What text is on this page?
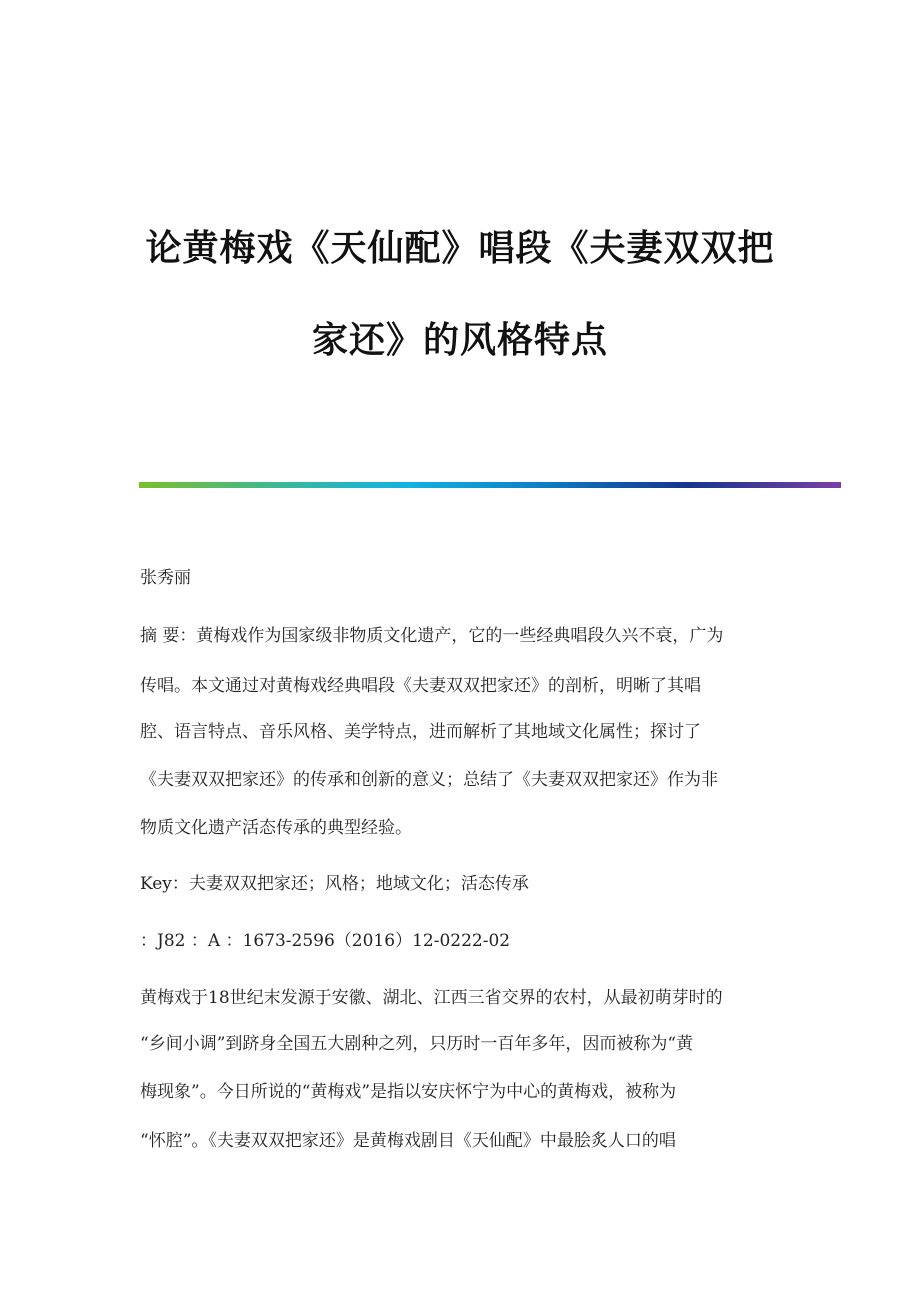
论黄梅戏《天仙配》唱段《夫妻双双把
家还》的风格特点
张秀丽
摘 要：黄梅戏作为国家级非物质文化遗产，它的一些经典唱段久兴不衰，广为
传唱。本文通过对黄梅戏经典唱段《夫妻双双把家还》的剖析，明晰了其唱
腔、语言特点、音乐风格、美学特点，进而解析了其地域文化属性；探讨了
《夫妻双双把家还》的传承和创新的意义；总结了《夫妻双双把家还》作为非
物质文化遗产活态传承的典型经验。
Key：夫妻双双把家还；风格；地域文化；活态传承
：J82 ：A ：1673-2596（2016）12-0222-02
黄梅戏于18世纪末发源于安徽、湖北、江西三省交界的农村，从最初萌芽时的
“乡间小调”到跻身全国五大剧种之列，只历时一百年多年，因而被称为“黄
梅现象”。今日所说的“黄梅戏”是指以安庆怀宁为中心的黄梅戏，被称为
“怀腔”。《夫妻双双把家还》是黄梅戏剧目《天仙配》中最脍炙人口的唱
